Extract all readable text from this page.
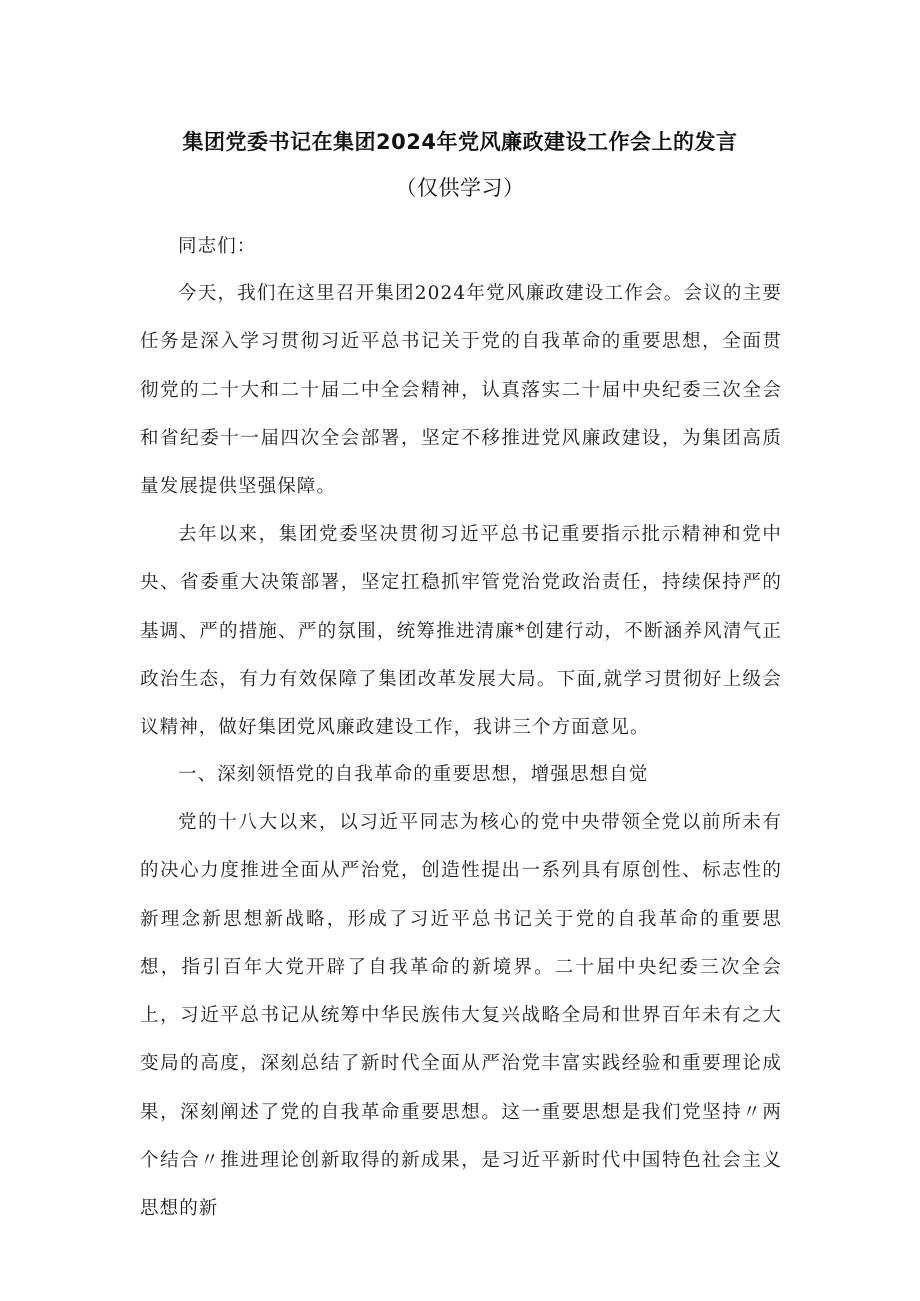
集团党委书记在集团2024年党风廉政建设工作会上的发言
（仅供学习）

同志们：

今天，我们在这里召开集团2024年党风廉政建设工作会。会议的主要任务是深入学习贯彻习近平总书记关于党的自我革命的重要思想，全面贯彻党的二十大和二十届二中全会精神，认真落实二十届中央纪委三次全会和省纪委十一届四次全会部署，坚定不移推进党风廉政建设，为集团高质量发展提供坚强保障。

去年以来，集团党委坚决贯彻习近平总书记重要指示批示精神和党中央、省委重大决策部署，坚定扛稳抓牢管党治党政治责任，持续保持严的基调、严的措施、严的氛围，统筹推进清廉*创建行动，不断涵养风清气正政治生态，有力有效保障了集团改革发展大局。下面,就学习贯彻好上级会议精神，做好集团党风廉政建设工作，我讲三个方面意见。

一、深刻领悟党的自我革命的重要思想，增强思想自觉

党的十八大以来，以习近平同志为核心的党中央带领全党以前所未有的决心力度推进全面从严治党，创造性提出一系列具有原创性、标志性的新理念新思想新战略，形成了习近平总书记关于党的自我革命的重要思想，指引百年大党开辟了自我革命的新境界。二十届中央纪委三次全会上，习近平总书记从统筹中华民族伟大复兴战略全局和世界百年未有之大变局的高度，深刻总结了新时代全面从严治党丰富实践经验和重要理论成果，深刻阐述了党的自我革命重要思想。这一重要思想是我们党坚持〃两个结合〃推进理论创新取得的新成果，是习近平新时代中国特色社会主义思想的新
